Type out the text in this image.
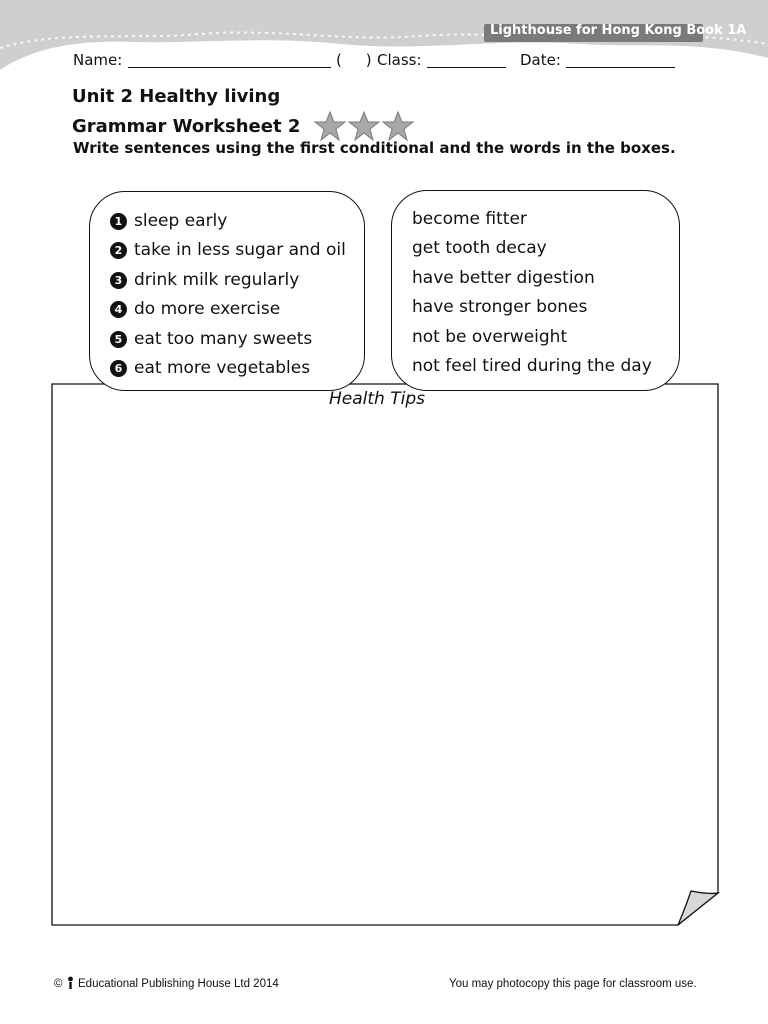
Lighthouse for Hong Kong Book 1A
Name:	(     ) Class:	Date:
Unit 2 Healthy living
Grammar Worksheet 2
Write sentences using the first conditional and the words in the boxes.
1 sleep early
2 take in less sugar and oil
3 drink milk regularly
4 do more exercise
5 eat too many sweets
6 eat more vegetables
become fitter
get tooth decay
have better digestion
have stronger bones
not be overweight
not feel tired during the day
Health Tips
© Educational Publishing House Ltd 2014	You may photocopy this page for classroom use.
